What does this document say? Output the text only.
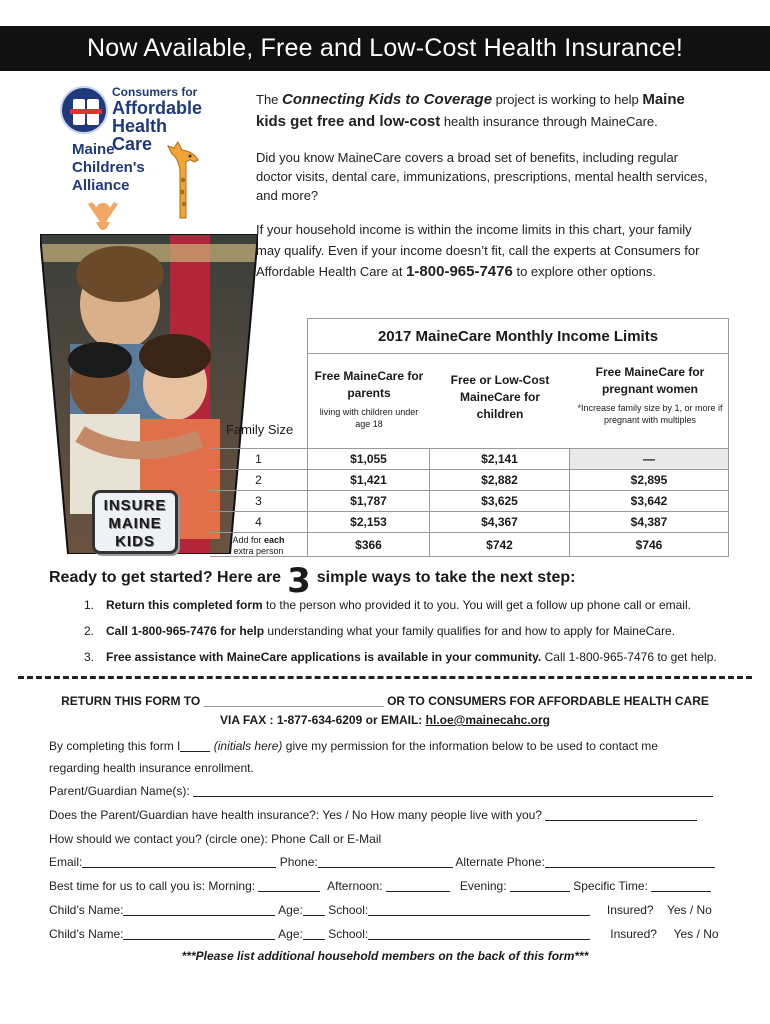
Now Available, Free and Low-Cost Health Insurance!
Consumers for
Affordable
Health Care
Maine
Children's
Alliance
INSURE
MAINE
KIDS
The Connecting Kids to Coverage project is working to help Maine kids get free and low-cost health insurance through MaineCare.
Did you know MaineCare covers a broad set of benefits, including regular doctor visits, dental care, immunizations, prescriptions, mental health services, and more?
If your household income is within the income limits in this chart, your family may qualify. Even if your income doesn’t fit, call the experts at Consumers for Affordable Health Care at 1-800-965-7476 to explore other options.
2017 MaineCare Monthly Income Limits
Free MaineCare for parents
living with children under age 18
Free or Low-Cost MaineCare for children
Free MaineCare for pregnant women
*Increase family size by 1, or more if pregnant with multiples
Family Size
1	$1,055	$2,141	—
2	$1,421	$2,882	$2,895
3	$1,787	$3,625	$3,642
4	$2,153	$4,367	$4,387
Add for each
extra person	$366	$742	$746
Ready to get started? Here are 3 simple ways to take the next step:
1. Return this completed form to the person who provided it to you. You will get a follow up phone call or email.
2. Call 1-800-965-7476 for help understanding what your family qualifies for and how to apply for MaineCare.
3. Free assistance with MaineCare applications is available in your community. Call 1-800-965-7476 to get help.
RETURN THIS FORM TO ___________________________ OR TO CONSUMERS FOR AFFORDABLE HEALTH CARE
VIA FAX : 1-877-634-6209 or EMAIL: hl.oe@mainecahc.org
By completing this form I	(initials here) give my permission for the information below to be used to contact me
regarding health insurance enrollment.
Parent/Guardian Name(s):
Does the Parent/Guardian have health insurance?: Yes / No How many people live with you?
How should we contact you? (circle one): Phone Call or E-Mail
Email:	Phone:	Alternate Phone:
Best time for us to call you is: Morning:	Afternoon:	Evening:	Specific Time:
Child’s Name:	Age: School:	Insured? Yes / No
Child’s Name:	Age: School:	Insured? Yes / No
***Please list additional household members on the back of this form***
